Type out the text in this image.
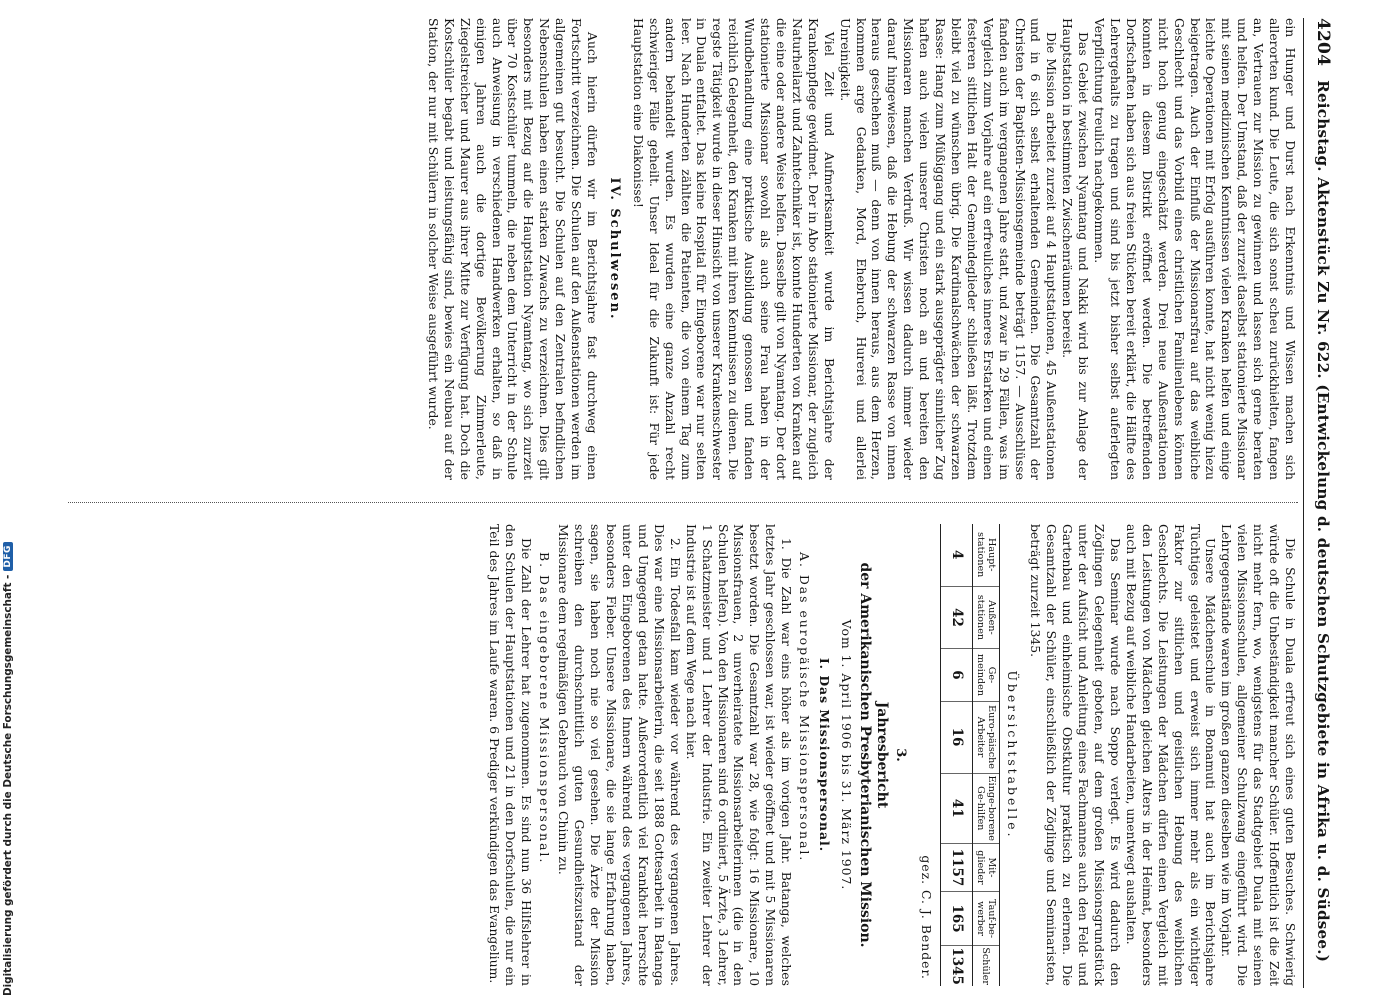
4204
Reichstag. Aktenstück Zu Nr. 622. (Entwickelung d. deutschen Schutzgebiete in Afrika u. d. Südsee.)

ein Hunger und Durst nach Erkenntnis und Wissen machen sich allerorten kund. Die Leute, die sich sonst scheu zurückhielten, fangen an, Vertrauen zur Mission zu gewinnen und lassen sich gerne beraten und helfen. Der Umstand, daß der zurzeit daselbst stationierte Missionar mit seinen medizinischen Kenntnissen vielen Kranken helfen und einige leichte Operationen mit Erfolg ausführen konnte, hat nicht wenig hiezu beigetragen. Auch der Einfluß der Missionarsfrau auf das weibliche Geschlecht und das Vorbild eines christlichen Familienlebens können nicht hoch genug eingeschätzt werden. Drei neue Außenstationen konnten in diesem Distrikt eröffnet werden. Die betreffenden Dorfschaften haben sich aus freien Stücken bereit erklärt, die Hälfte des Lehrergehalts zu tragen und sind bis jetzt bisher selbst auferlegten Verpflichtung treulich nachgekommen.

Das Gebiet zwischen Nyamtang und Nakki wird bis zur Anlage der Hauptstation in bestimmten Zwischenräumen bereist.

Die Mission arbeitet zurzeit auf 4 Hauptstationen, 45 Außenstationen und in 6 sich selbst erhaltenden Gemeinden. Die Gesamtzahl der Christen der Baptisten-Missionsgemeinde beträgt 1157. — Ausschlüsse fanden auch im vergangenen Jahre statt, und zwar in 29 Fällen, was im Vergleich zum Vorjahre auf ein erfreuliches inneres Erstarken und einen festeren sittlichen Halt der Gemeindeglieder schließen läßt. Trotzdem bleibt viel zu wünschen übrig. Die Kardinalschwächen der schwarzen Rasse: Hang zum Müßiggang und ein stark ausgeprägter sinnlicher Zug haften auch vielen unserer Christen noch an und bereiten den Missionaren manchen Verdruß. Wir wissen dadurch immer wieder darauf hingewiesen, daß die Hebung der schwarzen Rasse von innen heraus geschehen muß — denn von innen heraus, aus dem Herzen, kommen arge Gedanken, Mord, Ehebruch, Hurerei und allerlei Unreinigkeit.

Viel Zeit und Aufmerksamkeit wurde im Berichtsjahre der Krankenpflege gewidmet. Der in Abo stationierte Missionar, der zugleich Naturheilarzt und Zahntechniker ist, konnte Hunderten von Kranken auf die eine oder andere Weise helfen. Dasselbe gilt von Nyamtang. Der dort stationierte Missionar sowohl als auch seine Frau haben in der Wundbehandlung eine praktische Ausbildung genossen und fanden reichlich Gelegenheit, den Kranken mit ihren Kenntnissen zu dienen. Die regste Tätigkeit wurde in dieser Hinsicht von unserer Krankenschwester in Duala entfaltet. Das kleine Hospital für Eingeborene war nur selten leer. Nach Hunderten zählten die Patienten, die von einem Tag zum andern behandelt wurden. Es wurden eine ganze Anzahl recht schwieriger Fälle geheilt. Unser Ideal für die Zukunft ist: Für jede Hauptstation eine Diakonisse!

IV. Schulwesen.

Auch hierin dürfen wir im Berichtsjahre fast durchweg einen Fortschritt verzeichnen. Die Schulen auf den Außenstationen werden im allgemeinen gut besucht. Die Schulen auf den Zentralen befindlichen Nebenschulen haben einen starken Zuwachs zu verzeichnen. Dies gilt besonders mit Bezug auf die Hauptstation Nyamtang, wo sich zurzeit über 70 Kostschüler tummeln, die neben dem Unterricht in der Schule auch Anweisung in verschiedenen Handwerken erhalten, so daß in einigen Jahren auch die dortige Bevölkerung Zimmerleute, Ziegelstreicher und Maurer aus ihrer Mitte zur Verfügung hat. Doch die Kostschüler begabt und leistungsfähig sind, bewies ein Neubau auf der Station, der nur mit Schülern in solcher Weise ausgeführt wurde.

Die Schule in Duala erfreut sich eines guten Besuches. Schwierig würde oft die Unbeständigkeit mancher Schüler. Hoffentlich ist die Zeit nicht mehr fern, wo, wenigstens für das Stadtgebiet Duala mit seinen vielen Missionsschulen, allgemeiner Schulzwang eingeführt wird. Die Lehrgegenstände waren im großen ganzen dieselben wie im Vorjahr.

Unsere Mädchenschule in Bonamuti hat auch im Berichtsjahre Tüchtiges geleistet und erweist sich immer mehr als ein wichtiger Faktor zur sittlichen und geistlichen Hebung des weiblichen Geschlechts. Die Leistungen der Mädchen dürfen einen Vergleich mit den Leistungen von Mädchen gleichen Alters in der Heimat, besonders auch mit Bezug auf weibliche Handarbeiten, unentwegt aushalten.

Das Seminar wurde nach Soppo verlegt. Es wird dadurch den Zöglingen Gelegenheit geboten, auf dem großen Missionsgrundstück unter der Aufsicht und Anleitung eines Fachmannes auch den Feld- und Gartenbau und einheimische Obstkultur praktisch zu erlernen. Die Gesamtzahl der Schüler, einschließlich der Zöglinge und Seminaristen, beträgt zurzeit 1345.

Übersichtstabelle.
Haupt-stationen	Außen-stationen	Ge-meinden	Euro-päische Arbeiter	Einge-borene Ge-hilfen	Mit-glieder	Tauf-be-werber	Schüler
4	42	6	16	41	1157	165	1345
gez. C. J. Bender.
3.
Jahresbericht
der Amerikanischen Presbyterianischen Mission.
Vom 1. April 1906 bis 31. März 1907.
I. Das Missionspersonal.
A. Das europäische Missionspersonal.

1. Die Zahl war eins höher als im vorigen Jahr. Batanga, welches letztes Jahr geschlossen war, ist wieder geöffnet und mit 5 Missionaren besetzt worden. Die Gesamtzahl war 28, wie folgt: 16 Missionare, 10 Missionsfrauen, 2 unverheiratete Missionsarbeiterinnen (die in den Schulen helfen). Von den Missionaren sind 6 ordiniert, 5 Ärzte, 3 Lehrer, 1 Schatzmeister und 1 Lehrer der Industrie. Ein zweiter Lehrer der Industrie ist auf dem Wege nach hier.

2. Ein Todesfall kam wieder vor während des vergangenen Jahres. Dies war eine Missionsarbeiterin, die seit 1888 Gottesarbeit in Batanga und Umgegend getan hatte. Außerordentlich viel Krankheit herrschte unter den Eingeborenen des Innern während des vergangenen Jahres, besonders Fieber. Unsere Missionare, die sie lange Erfahrung haben, sagen, sie haben noch nie so viel gesehen. Die Ärzte der Mission schreiben den durchschnittlich guten Gesundheitszustand der Missionare dem regelmäßigen Gebrauch von Chinin zu.

B. Das eingeborene Missionspersonal.

Die Zahl der Lehrer hat zugenommen. Es sind nun 36 Hilfslehrer in den Schulen der Hauptstationen und 21 in den Dorfschulen, die nur ein Teil des Jahres im Laufe waren. 6 Prediger verkündigen das Evangelium.

Digitalisierung gefördert durch die Deutsche Forschungsgemeinschaft -
DFG
